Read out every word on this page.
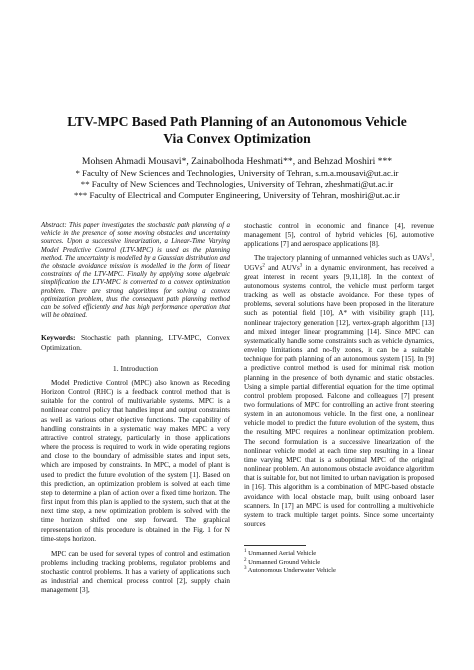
LTV-MPC Based Path Planning of an Autonomous Vehicle
Via Convex Optimization
Mohsen Ahmadi Mousavi*, Zainabolhoda Heshmati**, and Behzad Moshiri ***
* Faculty of New Sciences and Technologies, University of Tehran, s.m.a.mousavi@ut.ac.ir
** Faculty of New Sciences and Technologies, University of Tehran, zheshmati@ut.ac.ir
*** Faculty of Electrical and Computer Engineering, University of Tehran, moshiri@ut.ac.ir
Abstract: This paper investigates the stochastic path planning of a vehicle in the presence of some moving obstacles and uncertainty sources. Upon a successive linearization, a Linear-Time Varying Model Predictive Control (LTV-MPC) is used as the planning method. The uncertainty is modelled by a Gaussian distribution and the obstacle avoidance mission is modelled in the form of linear constraints of the LTV-MPC. Finally by applying some algebraic simplification the LTV-MPC is converted to a convex optimization problem. There are strong algorithms for solving a convex optimization problem, thus the consequent path planning method can be solved efficiently and has high performance operation that will be obtained.
Keywords: Stochastic path planning, LTV-MPC, Convex Optimization.
1. Introduction

Model Predictive Control (MPC) also known as Receding Horizon Control (RHC) is a feedback control method that is suitable for the control of multivariable systems. MPC is a nonlinear control policy that handles input and output constraints as well as various other objective functions. The capability of handling constraints in a systematic way makes MPC a very attractive control strategy, particularly in those applications where the process is required to work in wide operating regions and close to the boundary of admissible states and input sets, which are imposed by constraints. In MPC, a model of plant is used to predict the future evolution of the system [1]. Based on this prediction, an optimization problem is solved at each time step to determine a plan of action over a fixed time horizon. The first input from this plan is applied to the system, such that at the next time step, a new optimization problem is solved with the time horizon shifted one step forward. The graphical representation of this procedure is obtained in the Fig. 1 for N time-steps horizon.

MPC can be used for several types of control and estimation problems including tracking problems, regulator problems and stochastic control problems. It has a variety of applications such as industrial and chemical process control [2], supply chain management [3],

stochastic control in economic and finance [4], revenue management [5], control of hybrid vehicles [6], automotive applications [7] and aerospace applications [8].

The trajectory planning of unmanned vehicles such as UAVs$^1$, UGVs$^2$ and AUVs$^3$ in a dynamic environment, has received a great interest in recent years [9,11,18]. In the context of autonomous systems control, the vehicle must perform target tracking as well as obstacle avoidance. For these types of problems, several solutions have been proposed in the literature such as potential field [10], A* with visibility graph [11], nonlinear trajectory generation [12], vertex-graph algorithm [13] and mixed integer linear programming [14]. Since MPC can systematically handle some constraints such as vehicle dynamics, envelop limitations and no-fly zones, it can be a suitable technique for path planning of an autonomous system [15]. In [9] a predictive control method is used for minimal risk motion planning in the presence of both dynamic and static obstacles. Using a simple partial differential equation for the time optimal control problem proposed. Falcone and colleagues [7] present two formulations of MPC for controlling an active front steering system in an autonomous vehicle. In the first one, a nonlinear vehicle model to predict the future evolution of the system, thus the resulting MPC requires a nonlinear optimization problem. The second formulation is a successive linearization of the nonlinear vehicle model at each time step resulting in a linear time varying MPC that is a suboptimal MPC of the original nonlinear problem. An autonomous obstacle avoidance algorithm that is suitable for, but not limited to urban navigation is proposed in [16]. This algorithm is a combination of MPC-based obstacle avoidance with local obstacle map, built using onboard laser scanners. In [17] an MPC is used for controlling a multivehicle system to track multiple target points. Since some uncertainty sources

$^1$ Unmanned Aerial Vehicle
$^2$ Unmanned Ground Vehicle
$^3$ Autonomous Underwater Vehicle
